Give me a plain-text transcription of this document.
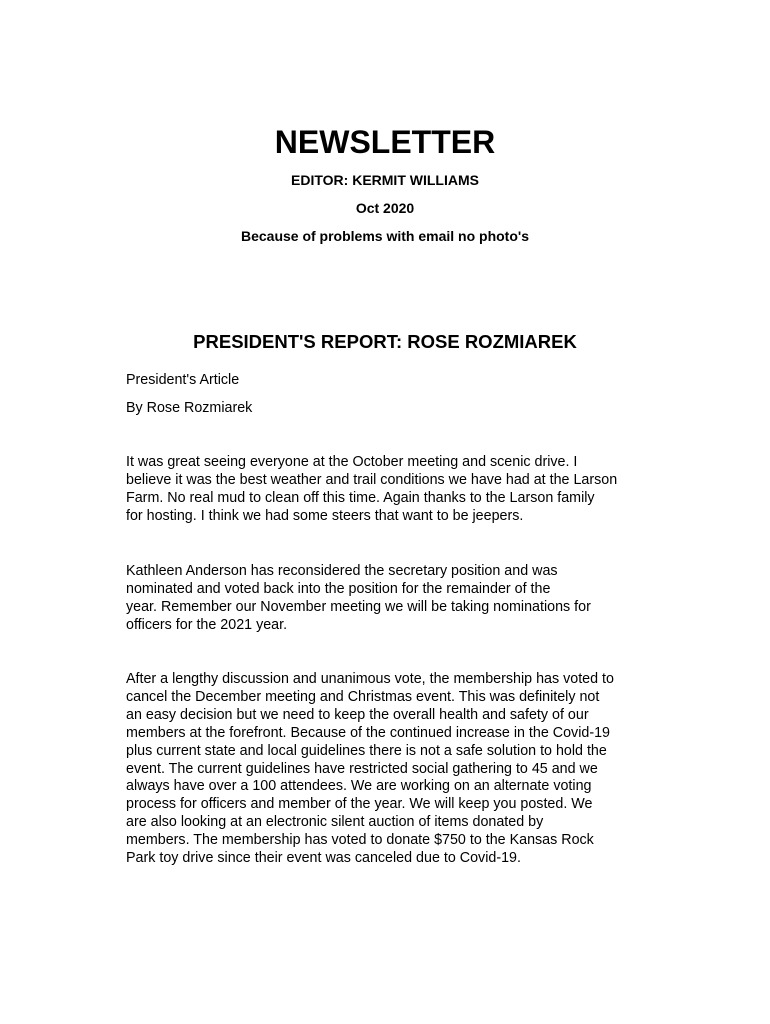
NEWSLETTER
EDITOR: KERMIT WILLIAMS
Oct 2020
Because of problems with email no photo's
PRESIDENT'S REPORT: ROSE ROZMIAREK
President's Article
By Rose Rozmiarek
It was great seeing everyone at the October meeting and scenic drive. I
believe it was the best weather and trail conditions we have had at the Larson
Farm. No real mud to clean off this time. Again thanks to the Larson family
for hosting. I think we had some steers that want to be jeepers.
Kathleen Anderson has reconsidered the secretary position and was
nominated and voted back into the position for the remainder of the
year. Remember our November meeting we will be taking nominations for
officers for the 2021 year.
After a lengthy discussion and unanimous vote, the membership has voted to
cancel the December meeting and Christmas event. This was definitely not
an easy decision but we need to keep the overall health and safety of our
members at the forefront. Because of the continued increase in the Covid-19
plus current state and local guidelines there is not a safe solution to hold the
event. The current guidelines have restricted social gathering to 45 and we
always have over a 100 attendees. We are working on an alternate voting
process for officers and member of the year. We will keep you posted. We
are also looking at an electronic silent auction of items donated by
members. The membership has voted to donate $750 to the Kansas Rock
Park toy drive since their event was canceled due to Covid-19.
